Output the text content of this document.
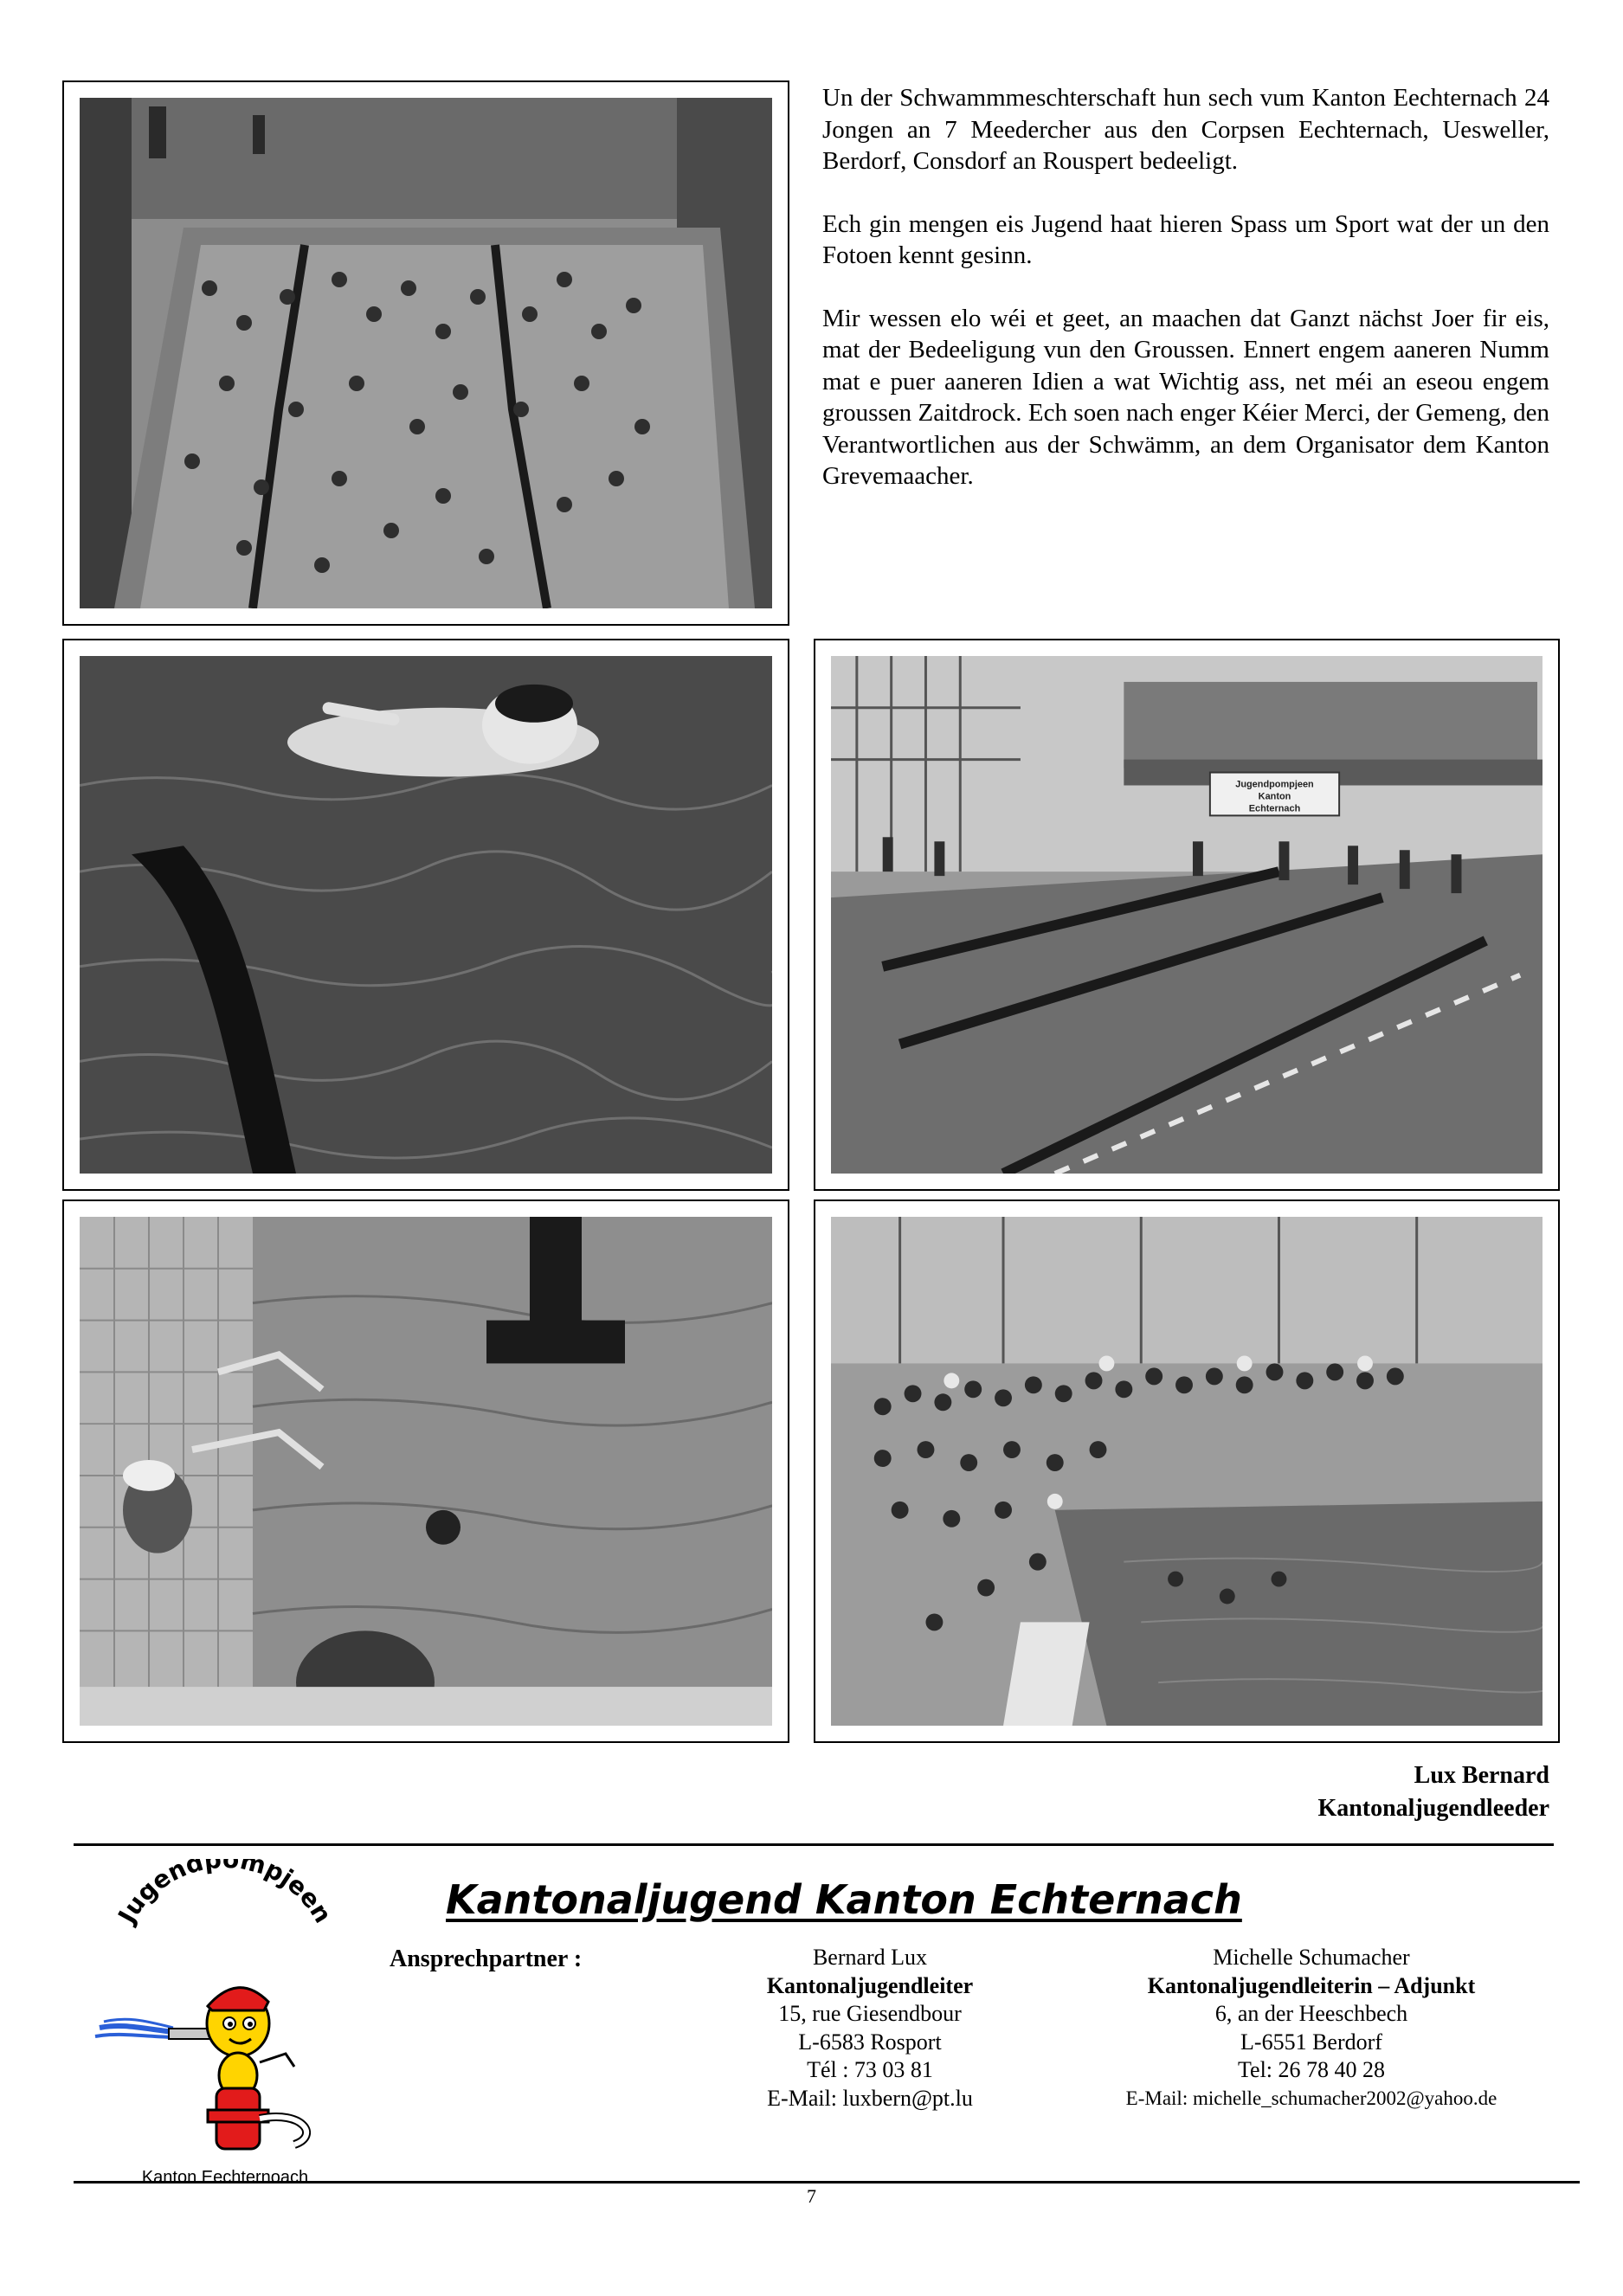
Un der Schwammmeschterschaft hun sech vum Kanton Eechternach 24 Jongen an 7 Meedercher aus den Corpsen Eechternach, Uesweller, Berdorf, Consdorf an Rouspert bedeeligt.

Ech gin mengen eis Jugend haat hieren Spass um Sport wat der un den Fotoen kennt gesinn.

Mir wessen elo wéi et geet, an maachen dat Ganzt nächst Joer fir eis, mat der Bedeeligung vun den Groussen. Ennert engem aaneren Numm mat e puer aaneren Idien a wat Wichtig ass, net méi an eseou engem groussen Zaitdrock. Ech soen nach enger Kéier Merci, der Gemeng, den Verantwortlichen aus der Schwämm, an dem Organisator dem Kanton Grevemaacher.

Jugendpompjeen
Kanton
Echternach
Lux Bernard
Kantonaljugendleeder
Jugendpompjeen
Kanton Eechternoach
Kantonaljugend Kanton Echternach
Ansprechpartner :	Bernard Lux
Kantonaljugendleiter
15, rue Giesendbour
L-6583 Rosport
Tél : 73 03 81
E-Mail: luxbern@pt.lu
Michelle Schumacher
Kantonaljugendleiterin – Adjunkt
6, an der Heeschbech
L-6551 Berdorf
Tel: 26 78 40 28
E-Mail: michelle_schumacher2002@yahoo.de
7
